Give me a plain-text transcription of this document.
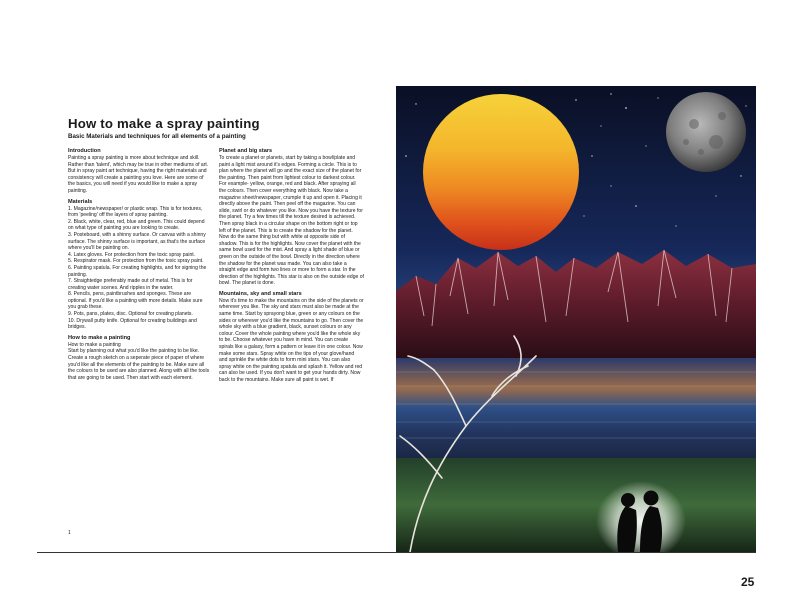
How to make a spray painting
Basic Materials and techniques for all elements of a painting
Introduction
Painting a spray painting is more about technique and skill. Rather than 'talent', which may be true in other mediums of art. But in spray paint art technique, having the right materials and consistency will create a painting you love. Here are some of the basics, you will need if you would like to make a spray painting.
Materials
1. Magazine/newspaper/ or plastic wrap. This is for textures, from 'peeling' off the layers of spray painting.
2. Black, white, clear, red, blue and green. This could depend on what type of painting you are looking to create.
3. Posteboard, with a shinny surface. Or canvas with a shinny surface. The shinny surface is important, as that's the surface where you'll be painting on.
4. Latex gloves. For protection from the toxic spray paint.
5. Respirator mask. For protection from the toxic spray paint.
6. Painting spatula. For creating highlights, and for signing the painting.
7. Straightedge preferably made out of metal. This is for creating water scenes. And ripples in the water.
8. Pencils, pens, paintbrushes and sponges. These are optional. If you'd like a painting with more details. Make sure you grab these.
9. Pots, pans, plates, disc. Optional for creating planets.
10. Drywall putty knife. Optional for creating buildings and bridges.
How to make a painting
How to make a painting
Start by planning out what you'd like the painting to be like. Create a rough sketch on a seperate piece of paper of where you'd like all the elements of the painting to be. Make sure all the colours to be used are also planned. Along with all the tools that are going to be used. Then start with each element.
Planet and big stars
To create a planet or planets, start by taking a bowl/plate and paint a light mist around it's edges. Forming a circle. This is to plan where the planet will go and the exact size of the planet for the painting. Then paint from lightest colour to darkest colour. For example- yellow, orange, red and black. After spraying all the colours. Then cover everything with black. Now take a magazine sheet/newspaper, crumple it up and open it. Placing it directly above the paint. Then peel off the magazine. You can slide, swirl or do whatever you like. Now you have the texture for the planet. Try a few times till the texture desired is achieved. Then spray black in a circular shape on the bottom right or top left of the planet. This is to create the shadow for the planet. Now do the same thing but with white at opposite side of shadow. This is for the highlights. Now cover the planet with the same bowl used for the mist. And spray a light shade of blue or green on the outside of the bowl. Directly in the direction where the shadow for the planet was made. You can also take a straight edge and form two lines or more to form a star. In the direction of the highlights. This star is also on the outside edge of bowl. The planet is done.
Mountains, sky and small stars
Now it's time to make the mountains on the side of the planets or wherever you like. The sky and stars must also be made at the same time. Start by sprayong blue, green or any colours on the sides or wherever you'd like the mountains to go. Then cover the whole sky with a blue gradient, black, sunset colours or any colour. Cover the whole painting where you'd like the whole sky to be. Choose whatever you have in mind. You can create spirals like a galaxy, form a pattern or leave it in one colour. Now make some stars. Spray white on the tips of your glove/hand and sprinkle the white dots to form mini stars. You can also spray white on the painting spatula and splash it. Yellow and red can also be used. If you don't want to get your hands dirty. Now back to the mountains. Make sure all paint is wet. If
1
25
